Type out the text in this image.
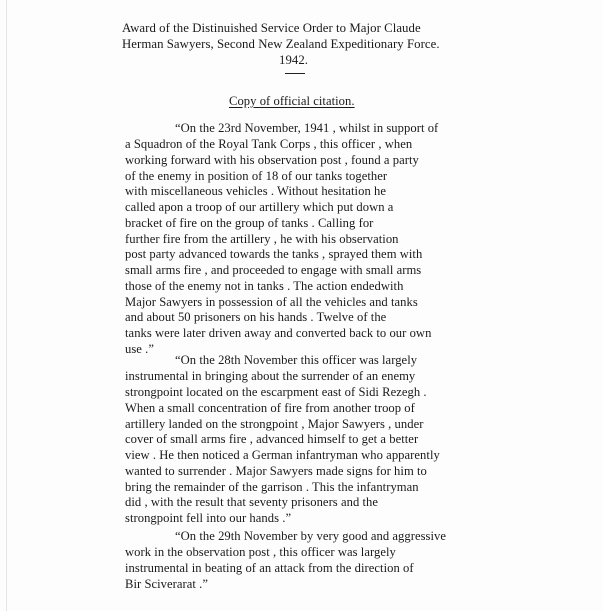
Award of the Distinuished Service Order to Major Claude
Herman Sawyers, Second New Zealand Expeditionary Force.
1942.
Copy of official citation.
“On the 23rd November, 1941 , whilst in support of
a Squadron of the Royal Tank Corps , this officer , when
working forward with his observation post , found a party
of the enemy in position of 18 of our tanks together
with miscellaneous vehicles . Without hesitation he
called apon a troop of our artillery which put down a
bracket of fire on the group of tanks . Calling for
further fire from the artillery , he with his observation
post party advanced towards the tanks , sprayed them with
small arms fire , and proceeded to engage with small arms
those of the enemy not in tanks . The action endedwith
Major Sawyers in possession of all the vehicles and tanks
and about 50 prisoners on his hands . Twelve of the
tanks were later driven away and converted back to our own
use .”
“On the 28th November this officer was largely
instrumental in bringing about the surrender of an enemy
strongpoint located on the escarpment east of Sidi Rezegh .
When a small concentration of fire from another troop of
artillery landed on the strongpoint , Major Sawyers , under
cover of small arms fire , advanced himself to get a better
view . He then noticed a German infantryman who apparently
wanted to surrender . Major Sawyers made signs for him to
bring the remainder of the garrison . This the infantryman
did , with the result that seventy prisoners and the
strongpoint fell into our hands .”
“On the 29th November by very good and aggressive
work in the observation post , this officer was largely
instrumental in beating of an attack from the direction of
Bir Sciverarat .”
